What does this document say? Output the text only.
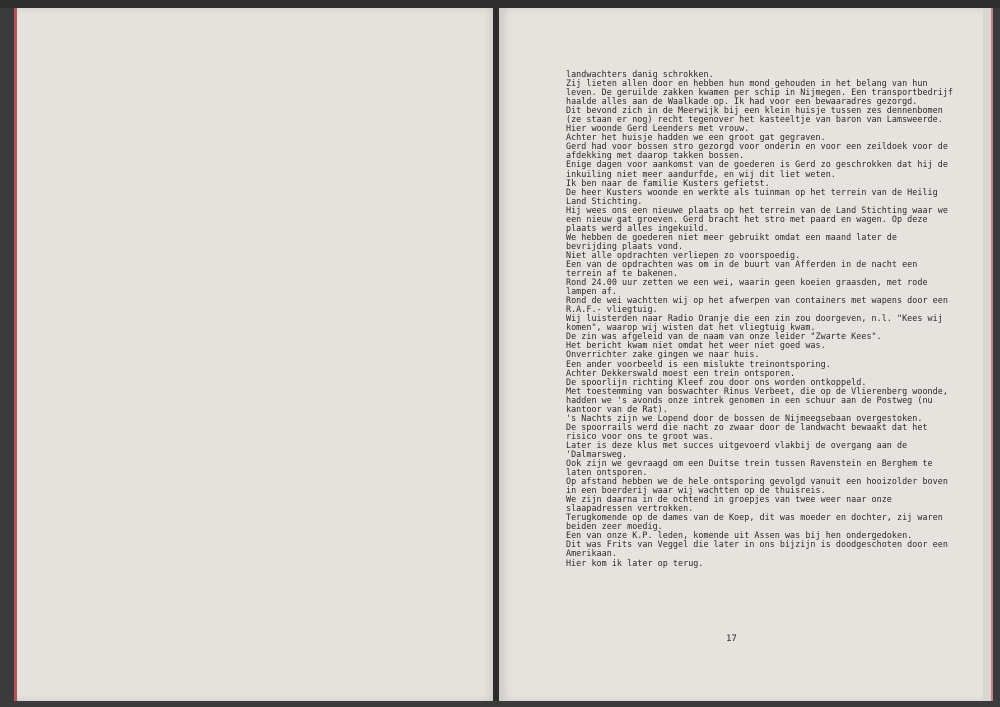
landwachters danig schrokken.
Zij lieten allen door en hebben hun mond gehouden in het belang van hun
leven. De geruilde zakken kwamen per schip in Nijmegen. Een transportbedrijf
haalde alles aan de Waalkade op. Ik had voor een bewaaradres gezorgd.
Dit bevond zich in de Meerwijk bij een klein huisje tussen zes dennenbomen
(ze staan er nog) recht tegenover het kasteeltje van baron van Lamsweerde.
Hier woonde Gerd Leenders met vrouw.
Achter het huisje hadden we een groot gat gegraven.
Gerd had voor bossen stro gezorgd voor onderin en voor een zeildoek voor de
afdekking met daarop takken bossen.
Enige dagen voor aankomst van de goederen is Gerd zo geschrokken dat hij de
inkuiling niet meer aandurfde, en wij dit liet weten.
Ik ben naar de familie Kusters gefietst.
De heer Kusters woonde en werkte als tuinman op het terrein van de Heilig
Land Stichting.
Hij wees ons een nieuwe plaats op het terrein van de Land Stichting waar we
een nieuw gat groeven. Gerd bracht het stro met paard en wagen. Op deze
plaats werd alles ingekuild.
We hebben de goederen niet meer gebruikt omdat een maand later de
bevrijding plaats vond.
Niet alle opdrachten verliepen zo voorspoedig.
Een van de opdrachten was om in de buurt van Afferden in de nacht een
terrein af te bakenen.
Rond 24.00 uur zetten we een wei, waarin geen koeien graasden, met rode
lampen af.
Rond de wei wachtten wij op het afwerpen van containers met wapens door een
R.A.F.- vliegtuig.
Wij luisterden naar Radio Oranje die een zin zou doorgeven, n.l. "Kees wij
komen", waarop wij wisten dat het vliegtuig kwam.
De zin was afgeleid van de naam van onze leider "Zwarte Kees".
Het bericht kwam niet omdat het weer niet goed was.
Onverrichter zake gingen we naar huis.
Een ander voorbeeld is een mislukte treinontsporing.
Achter Dekkerswald moest een trein ontsporen.
De spoorlijn richting Kleef zou door ons worden ontkoppeld.
Met toestemming van boswachter Rinus Verbeet, die op de Vlierenberg woonde,
hadden we 's avonds onze intrek genomen in een schuur aan de Postweg (nu
kantoor van de Rat).
's Nachts zijn we Lopend door de bossen de Nijmeegsebaan overgestoken.
De spoorrails werd die nacht zo zwaar door de landwacht bewaakt dat het
risico voor ons te groot was.
Later is deze klus met succes uitgevoerd vlakbij de overgang aan de
'Dalmarsweg.
Ook zijn we gevraagd om een Duitse trein tussen Ravenstein en Berghem te
laten ontsporen.
Op afstand hebben we de hele ontsporing gevolgd vanuit een hooizolder boven
in een boerderij waar wij wachtten op de thuisreis.
We zijn daarna in de ochtend in groepjes van twee weer naar onze
slaapadressen vertrokken.
Terugkomende op de dames van de Koep, dit was moeder en dochter, zij waren
beiden zeer moedig.
Een van onze K.P. leden, komende uit Assen was bij hen ondergedoken.
Dit was Frits van Veggel die later in ons bijzijn is doodgeschoten door een
Amerikaan.
Hier kom ik later op terug.
17
